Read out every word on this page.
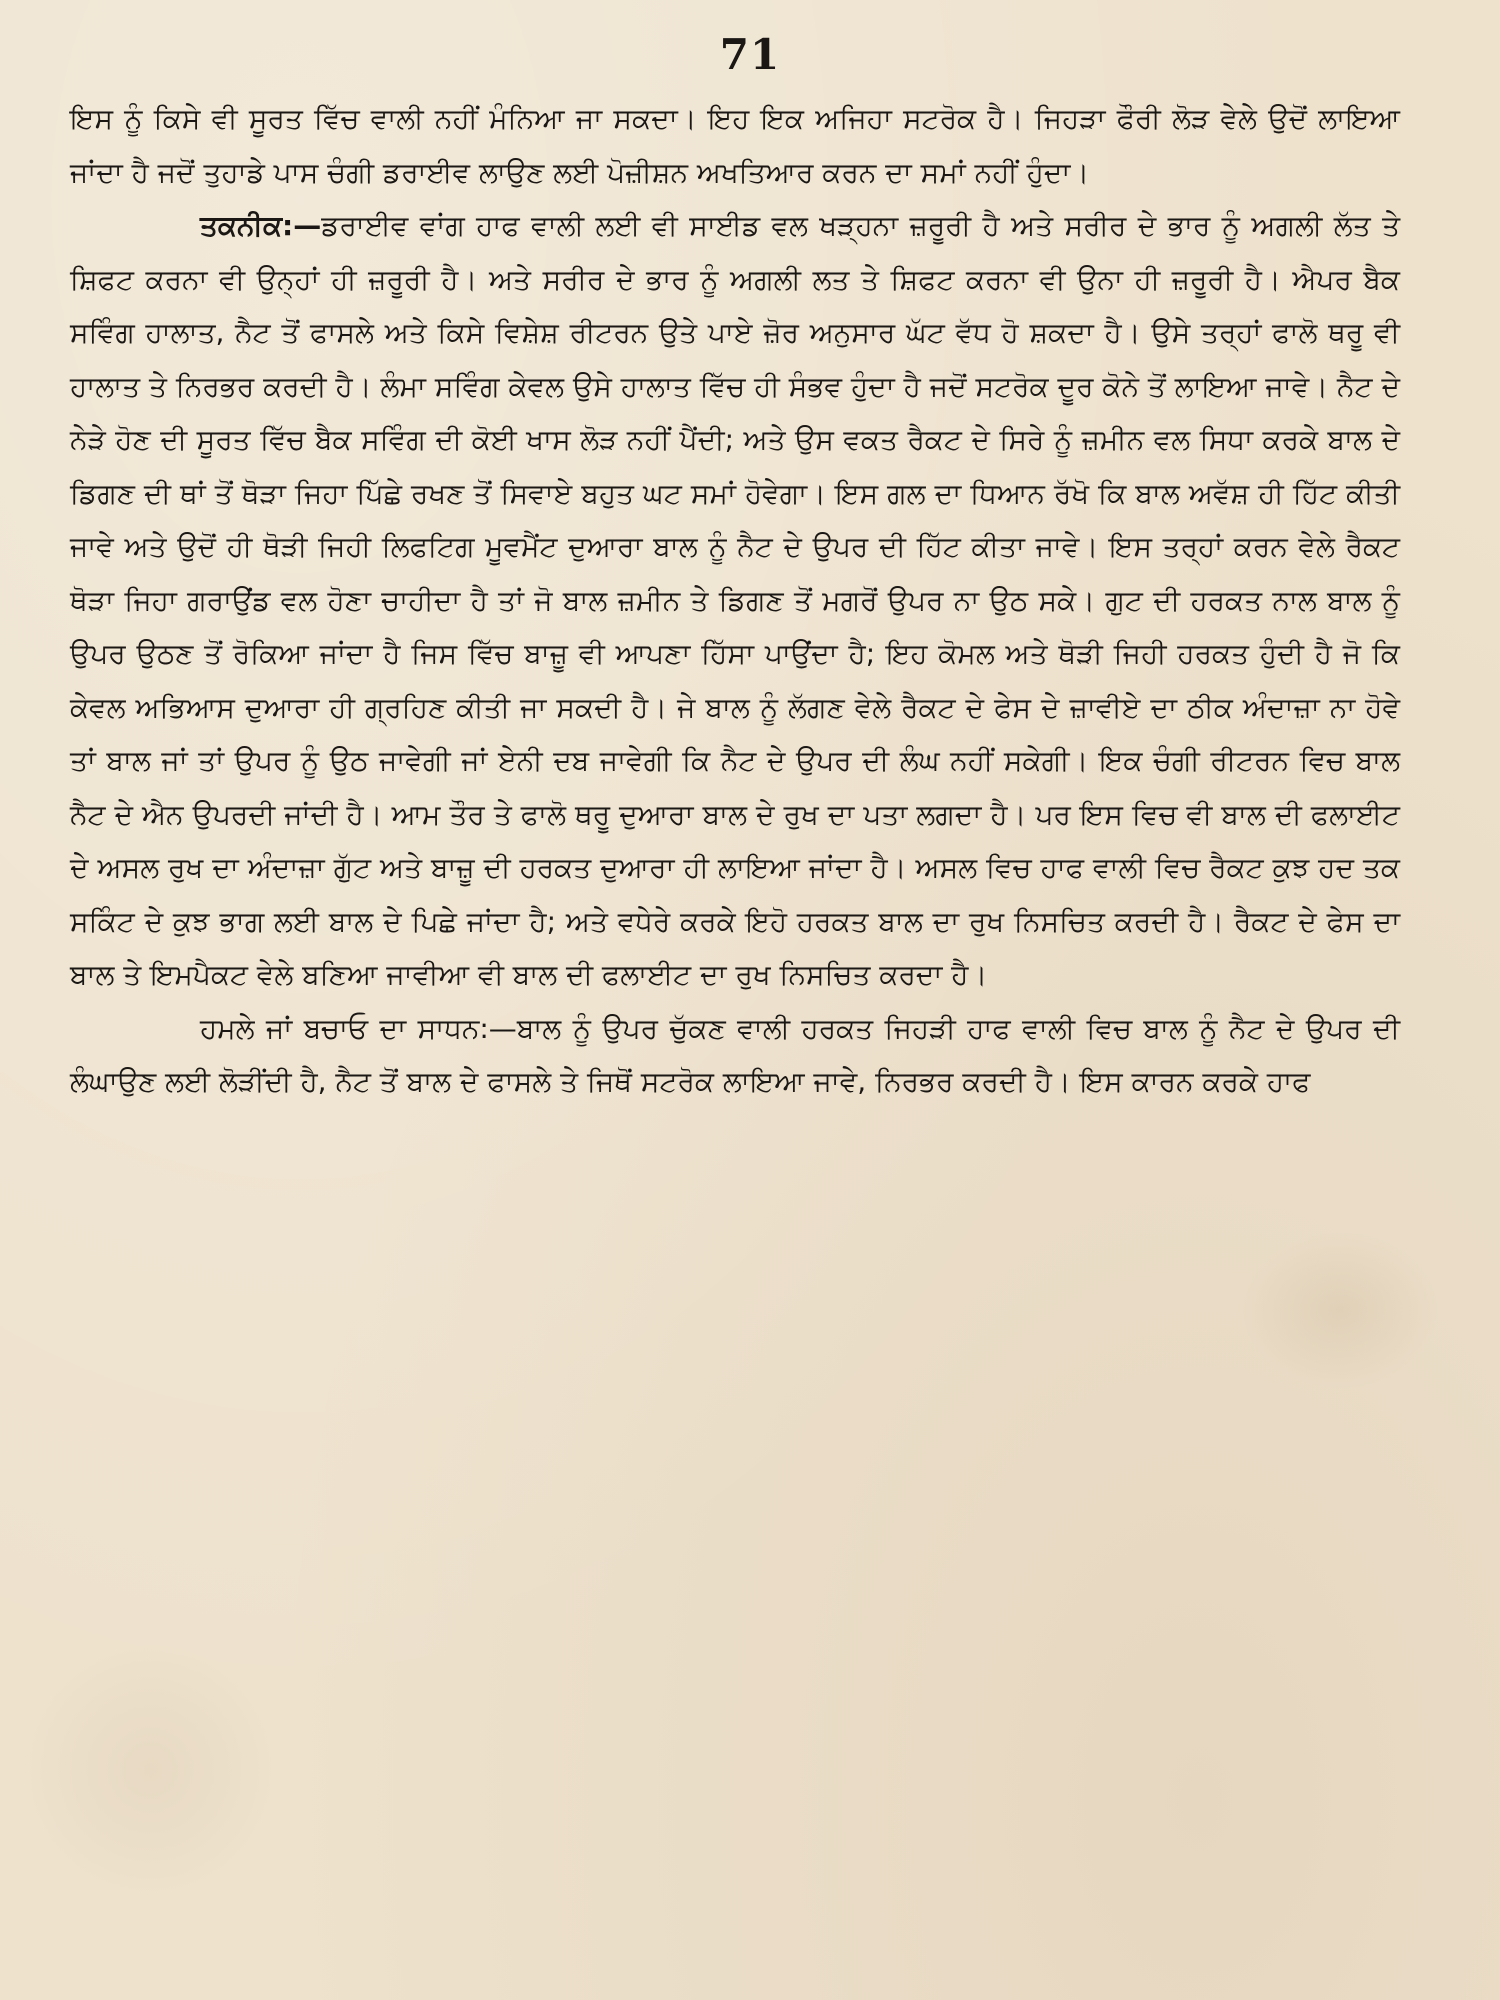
71

ਇਸ ਨੂੰ ਕਿਸੇ ਵੀ ਸੂਰਤ ਵਿੱਚ ਵਾਲੀ ਨਹੀਂ ਮੰਨਿਆ ਜਾ ਸਕਦਾ। ਇਹ ਇਕ ਅਜਿਹਾ ਸਟਰੋਕ ਹੈ। ਜਿਹੜਾ ਫੌਰੀ ਲੋੜ ਵੇਲੇ ਉਦੋਂ ਲਾਇਆ ਜਾਂਦਾ ਹੈ ਜਦੋਂ ਤੁਹਾਡੇ ਪਾਸ ਚੰਗੀ ਡਰਾਈਵ ਲਾਉਣ ਲਈ ਪੋਜ਼ੀਸ਼ਨ ਅਖਤਿਆਰ ਕਰਨ ਦਾ ਸਮਾਂ ਨਹੀਂ ਹੁੰਦਾ।

ਤਕਨੀਕ:—ਡਰਾਈਵ ਵਾਂਗ ਹਾਫ ਵਾਲੀ ਲਈ ਵੀ ਸਾਈਡ ਵਲ ਖੜ੍ਹਨਾ ਜ਼ਰੂਰੀ ਹੈ ਅਤੇ ਸਰੀਰ ਦੇ ਭਾਰ ਨੂੰ ਅਗਲੀ ਲੱਤ ਤੇ ਸ਼ਿਫਟ ਕਰਨਾ ਵੀ ਉਨ੍ਹਾਂ ਹੀ ਜ਼ਰੂਰੀ ਹੈ। ਅਤੇ ਸਰੀਰ ਦੇ ਭਾਰ ਨੂੰ ਅਗਲੀ ਲਤ ਤੇ ਸ਼ਿਫਟ ਕਰਨਾ ਵੀ ਉਨਾ ਹੀ ਜ਼ਰੂਰੀ ਹੈ। ਐਪਰ ਬੈਕ ਸਵਿੰਗ ਹਾਲਾਤ, ਨੈਟ ਤੋਂ ਫਾਸਲੇ ਅਤੇ ਕਿਸੇ ਵਿਸ਼ੇਸ਼ ਰੀਟਰਨ ਉਤੇ ਪਾਏ ਜ਼ੋਰ ਅਨੁਸਾਰ ਘੱਟ ਵੱਧ ਹੋ ਸ਼ਕਦਾ ਹੈ। ਉਸੇ ਤਰ੍ਹਾਂ ਫਾਲੋ ਥਰੂ ਵੀ ਹਾਲਾਤ ਤੇ ਨਿਰਭਰ ਕਰਦੀ ਹੈ। ਲੰਮਾ ਸਵਿੰਗ ਕੇਵਲ ਉਸੇ ਹਾਲਾਤ ਵਿੱਚ ਹੀ ਸੰਭਵ ਹੁੰਦਾ ਹੈ ਜਦੋਂ ਸਟਰੋਕ ਦੂਰ ਕੋਨੇ ਤੋਂ ਲਾਇਆ ਜਾਵੇ। ਨੈਟ ਦੇ ਨੇੜੇ ਹੋਣ ਦੀ ਸੂਰਤ ਵਿੱਚ ਬੈਕ ਸਵਿੰਗ ਦੀ ਕੋਈ ਖਾਸ ਲੋੜ ਨਹੀਂ ਪੈਂਦੀ; ਅਤੇ ਉਸ ਵਕਤ ਰੈਕਟ ਦੇ ਸਿਰੇ ਨੂੰ ਜ਼ਮੀਨ ਵਲ ਸਿਧਾ ਕਰਕੇ ਬਾਲ ਦੇ ਡਿਗਣ ਦੀ ਥਾਂ ਤੋਂ ਥੋੜਾ ਜਿਹਾ ਪਿੱਛੇ ਰਖਣ ਤੋਂ ਸਿਵਾਏ ਬਹੁਤ ਘਟ ਸਮਾਂ ਹੋਵੇਗਾ। ਇਸ ਗਲ ਦਾ ਧਿਆਨ ਰੱਖੋ ਕਿ ਬਾਲ ਅਵੱਸ਼ ਹੀ ਹਿੱਟ ਕੀਤੀ ਜਾਵੇ ਅਤੇ ਉਦੋਂ ਹੀ ਥੋੜੀ ਜਿਹੀ ਲਿਫਟਿਗ ਮੂਵਮੈਂਟ ਦੁਆਰਾ ਬਾਲ ਨੂੰ ਨੈਟ ਦੇ ਉਪਰ ਦੀ ਹਿੱਟ ਕੀਤਾ ਜਾਵੇ। ਇਸ ਤਰ੍ਹਾਂ ਕਰਨ ਵੇਲੇ ਰੈਕਟ ਥੋੜਾ ਜਿਹਾ ਗਰਾਉਂਡ ਵਲ ਹੋਣਾ ਚਾਹੀਦਾ ਹੈ ਤਾਂ ਜੋ ਬਾਲ ਜ਼ਮੀਨ ਤੇ ਡਿਗਣ ਤੋਂ ਮਗਰੋਂ ਉਪਰ ਨਾ ਉਠ ਸਕੇ। ਗੁਟ ਦੀ ਹਰਕਤ ਨਾਲ ਬਾਲ ਨੂੰ ਉਪਰ ਉਠਣ ਤੋਂ ਰੋਕਿਆ ਜਾਂਦਾ ਹੈ ਜਿਸ ਵਿੱਚ ਬਾਜ਼ੂ ਵੀ ਆਪਣਾ ਹਿੱਸਾ ਪਾਉਂਦਾ ਹੈ; ਇਹ ਕੋਮਲ ਅਤੇ ਥੋੜੀ ਜਿਹੀ ਹਰਕਤ ਹੁੰਦੀ ਹੈ ਜੋ ਕਿ ਕੇਵਲ ਅਭਿਆਸ ਦੁਆਰਾ ਹੀ ਗ੍ਰਹਿਣ ਕੀਤੀ ਜਾ ਸਕਦੀ ਹੈ। ਜੇ ਬਾਲ ਨੂੰ ਲੱਗਣ ਵੇਲੇ ਰੈਕਟ ਦੇ ਫੇਸ ਦੇ ਜ਼ਾਵੀਏ ਦਾ ਠੀਕ ਅੰਦਾਜ਼ਾ ਨਾ ਹੋਵੇ ਤਾਂ ਬਾਲ ਜਾਂ ਤਾਂ ਉਪਰ ਨੂੰ ਉਠ ਜਾਵੇਗੀ ਜਾਂ ਏਨੀ ਦਬ ਜਾਵੇਗੀ ਕਿ ਨੈਟ ਦੇ ਉਪਰ ਦੀ ਲੰਘ ਨਹੀਂ ਸਕੇਗੀ। ਇਕ ਚੰਗੀ ਰੀਟਰਨ ਵਿਚ ਬਾਲ ਨੈਟ ਦੇ ਐਨ ਉਪਰਦੀ ਜਾਂਦੀ ਹੈ। ਆਮ ਤੌਰ ਤੇ ਫਾਲੋ ਥਰੂ ਦੁਆਰਾ ਬਾਲ ਦੇ ਰੁਖ ਦਾ ਪਤਾ ਲਗਦਾ ਹੈ। ਪਰ ਇਸ ਵਿਚ ਵੀ ਬਾਲ ਦੀ ਫਲਾਈਟ ਦੇ ਅਸਲ ਰੁਖ ਦਾ ਅੰਦਾਜ਼ਾ ਗੁੱਟ ਅਤੇ ਬਾਜ਼ੂ ਦੀ ਹਰਕਤ ਦੁਆਰਾ ਹੀ ਲਾਇਆ ਜਾਂਦਾ ਹੈ। ਅਸਲ ਵਿਚ ਹਾਫ ਵਾਲੀ ਵਿਚ ਰੈਕਟ ਕੁਝ ਹਦ ਤਕ ਸਕਿੰਟ ਦੇ ਕੁਝ ਭਾਗ ਲਈ ਬਾਲ ਦੇ ਪਿਛੇ ਜਾਂਦਾ ਹੈ; ਅਤੇ ਵਧੇਰੇ ਕਰਕੇ ਇਹੋ ਹਰਕਤ ਬਾਲ ਦਾ ਰੁਖ ਨਿਸਚਿਤ ਕਰਦੀ ਹੈ। ਰੈਕਟ ਦੇ ਫੇਸ ਦਾ ਬਾਲ ਤੇ ਇਮਪੈਕਟ ਵੇਲੇ ਬਣਿਆ ਜਾਵੀਆ ਵੀ ਬਾਲ ਦੀ ਫਲਾਈਟ ਦਾ ਰੁਖ ਨਿਸਚਿਤ ਕਰਦਾ ਹੈ।

ਹਮਲੇ ਜਾਂ ਬਚਾਓ ਦਾ ਸਾਧਨ:—ਬਾਲ ਨੂੰ ਉਪਰ ਚੁੱਕਣ ਵਾਲੀ ਹਰਕਤ ਜਿਹੜੀ ਹਾਫ ਵਾਲੀ ਵਿਚ ਬਾਲ ਨੂੰ ਨੈਟ ਦੇ ਉਪਰ ਦੀ ਲੰਘਾਉਣ ਲਈ ਲੋੜੀਂਦੀ ਹੈ, ਨੈਟ ਤੋਂ ਬਾਲ ਦੇ ਫਾਸਲੇ ਤੇ ਜਿਥੋਂ ਸਟਰੋਕ ਲਾਇਆ ਜਾਵੇ, ਨਿਰਭਰ ਕਰਦੀ ਹੈ। ਇਸ ਕਾਰਨ ਕਰਕੇ ਹਾਫ
